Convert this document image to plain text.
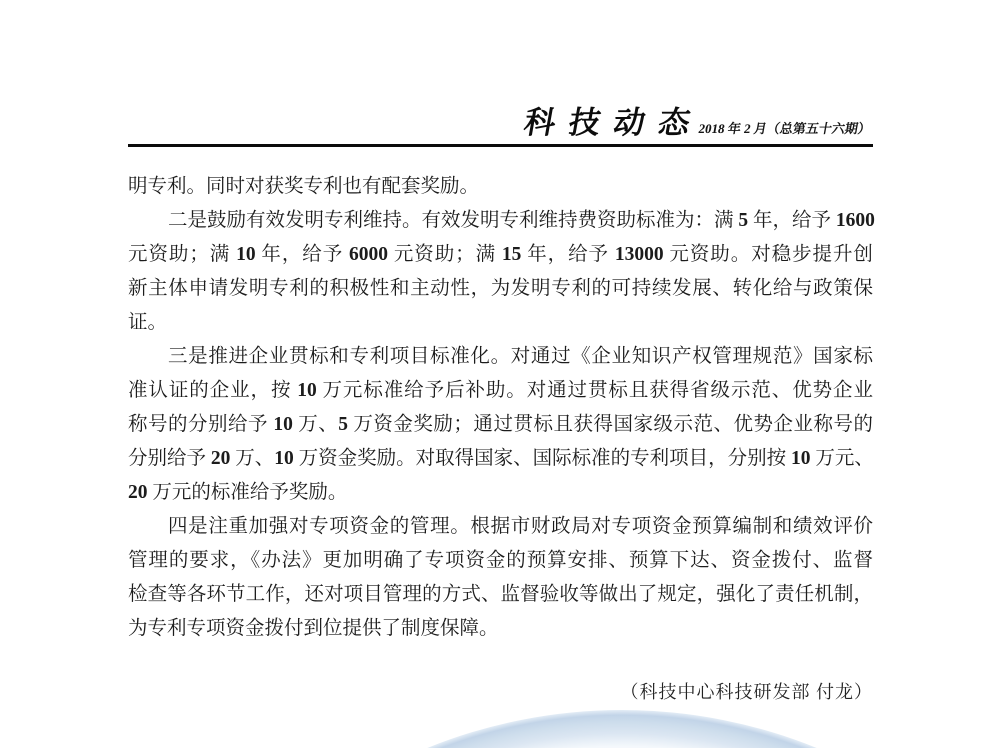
科 技 动 态 2018 年 2 月（总第五十六期）
明专利。同时对获奖专利也有配套奖励。
二是鼓励有效发明专利维持。有效发明专利维持费资助标准为：满 5 年，给予 1600
元资助；满 10 年，给予 6000 元资助；满 15 年，给予 13000 元资助。对稳步提升创
新主体申请发明专利的积极性和主动性，为发明专利的可持续发展、转化给与政策保
证。
三是推进企业贯标和专利项目标准化。对通过《企业知识产权管理规范》国家标
准认证的企业，按 10 万元标准给予后补助。对通过贯标且获得省级示范、优势企业
称号的分别给予 10 万、5 万资金奖励；通过贯标且获得国家级示范、优势企业称号的
分别给予 20 万、10 万资金奖励。对取得国家、国际标准的专利项目，分别按 10 万元、
20 万元的标准给予奖励。
四是注重加强对专项资金的管理。根据市财政局对专项资金预算编制和绩效评价
管理的要求，《办法》更加明确了专项资金的预算安排、预算下达、资金拨付、监督
检查等各环节工作，还对项目管理的方式、监督验收等做出了规定，强化了责任机制，
为专利专项资金拨付到位提供了制度保障。
（科技中心科技研发部 付龙）
